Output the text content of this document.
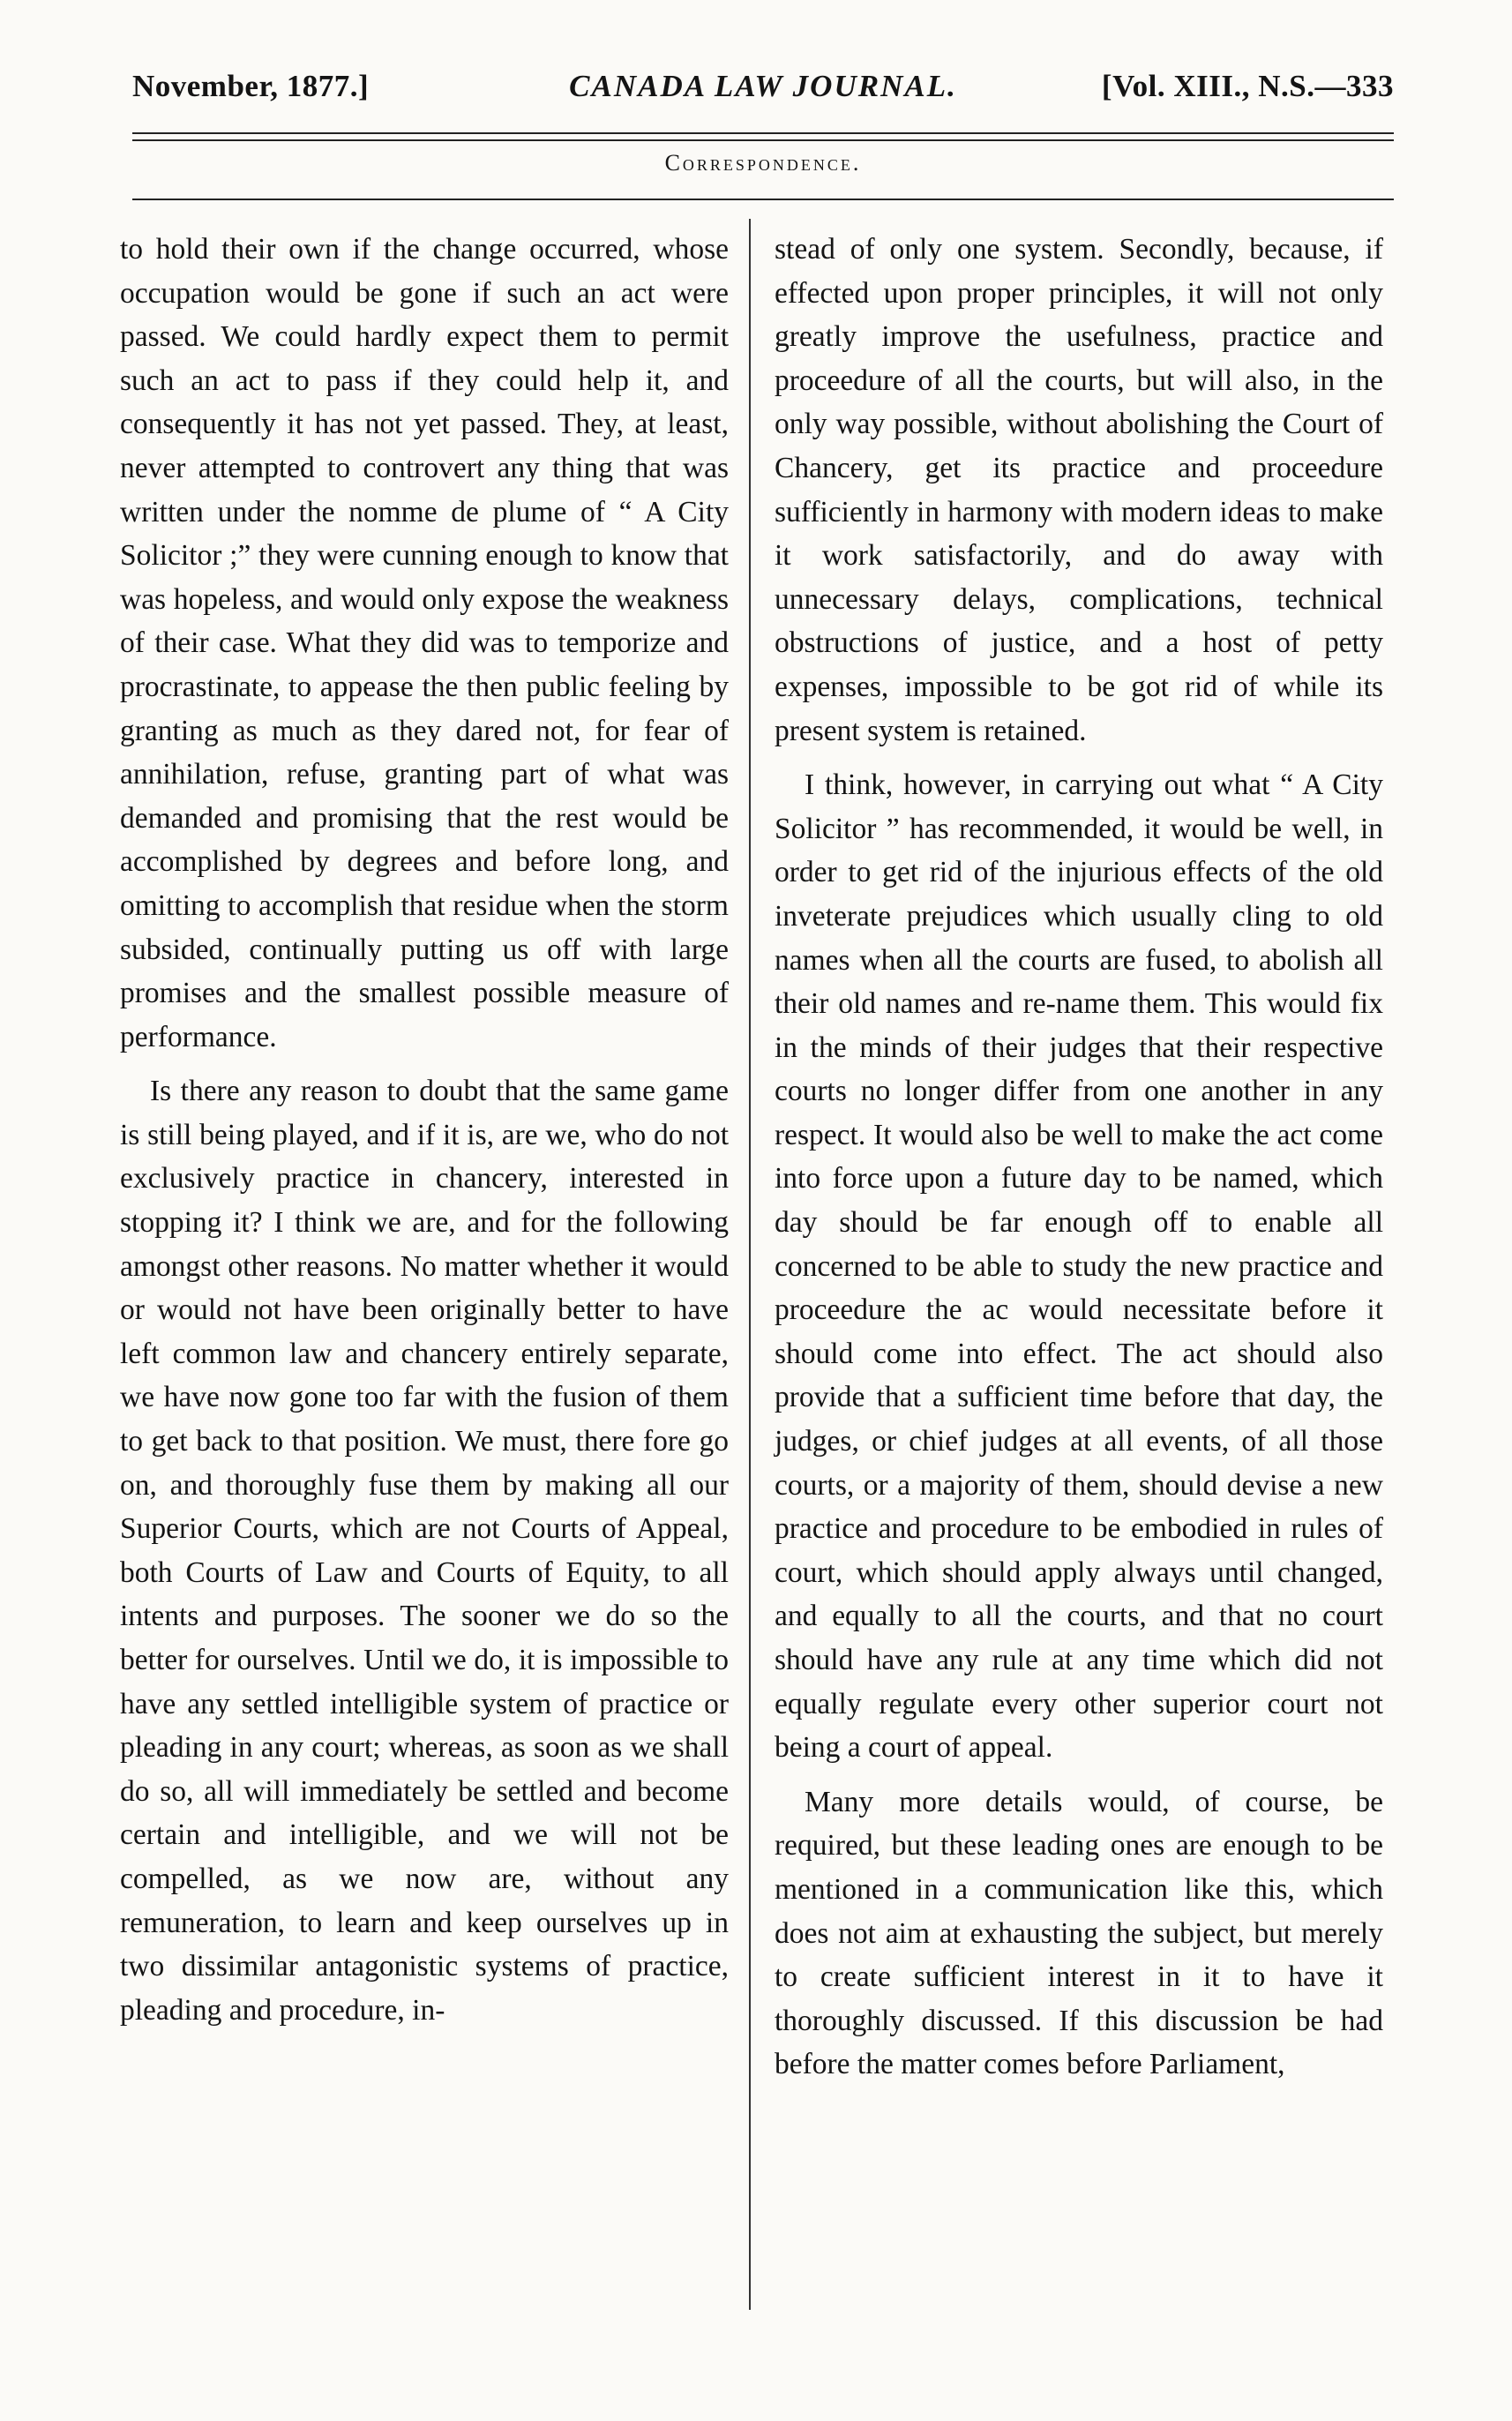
November, 1877.]	CANADA LAW JOURNAL.	[Vol. XIII., N.S.—333
Correspondence.

to hold their own if the change occurred, whose occupation would be gone if such an act were passed. We could hardly expect them to permit such an act to pass if they could help it, and consequently it has not yet passed. They, at least, never attempted to controvert any thing that was written under the nomme de plume of “ A City Solicitor ;” they were cunning enough to know that was hopeless, and would only expose the weakness of their case. What they did was to temporize and procrastinate, to appease the then public feeling by granting as much as they dared not, for fear of annihilation, refuse, granting part of what was demanded and promising that the rest would be accomplished by degrees and before long, and omitting to accomplish that residue when the storm subsided, continually putting us off with large promises and the smallest possible measure of performance.

Is there any reason to doubt that the same game is still being played, and if it is, are we, who do not exclusively practice in chancery, interested in stopping it? I think we are, and for the following amongst other reasons. No matter whether it would or would not have been originally better to have left common law and chancery entirely separate, we have now gone too far with the fusion of them to get back to that position. We must, there fore go on, and thoroughly fuse them by making all our Superior Courts, which are not Courts of Appeal, both Courts of Law and Courts of Equity, to all intents and purposes. The sooner we do so the better for ourselves. Until we do, it is impossible to have any settled intelligible system of practice or pleading in any court; whereas, as soon as we shall do so, all will immediately be settled and become certain and intelligible, and we will not be compelled, as we now are, without any remuneration, to learn and keep ourselves up in two dissimilar antagonistic systems of practice, pleading and procedure, in-

stead of only one system. Secondly, because, if effected upon proper principles, it will not only greatly improve the usefulness, practice and proceedure of all the courts, but will also, in the only way possible, without abolishing the Court of Chancery, get its practice and proceedure sufficiently in harmony with modern ideas to make it work satisfactorily, and do away with unnecessary delays, complications, technical obstructions of justice, and a host of petty expenses, impossible to be got rid of while its present system is retained.

I think, however, in carrying out what “ A City Solicitor ” has recommended, it would be well, in order to get rid of the injurious effects of the old inveterate prejudices which usually cling to old names when all the courts are fused, to abolish all their old names and re-name them. This would fix in the minds of their judges that their respective courts no longer differ from one another in any respect. It would also be well to make the act come into force upon a future day to be named, which day should be far enough off to enable all concerned to be able to study the new practice and proceedure the ac would necessitate before it should come into effect. The act should also provide that a sufficient time before that day, the judges, or chief judges at all events, of all those courts, or a majority of them, should devise a new practice and procedure to be embodied in rules of court, which should apply always until changed, and equally to all the courts, and that no court should have any rule at any time which did not equally regulate every other superior court not being a court of appeal.

Many more details would, of course, be required, but these leading ones are enough to be mentioned in a communication like this, which does not aim at exhausting the subject, but merely to create sufficient interest in it to have it thoroughly discussed. If this discussion be had before the matter comes before Parliament,
